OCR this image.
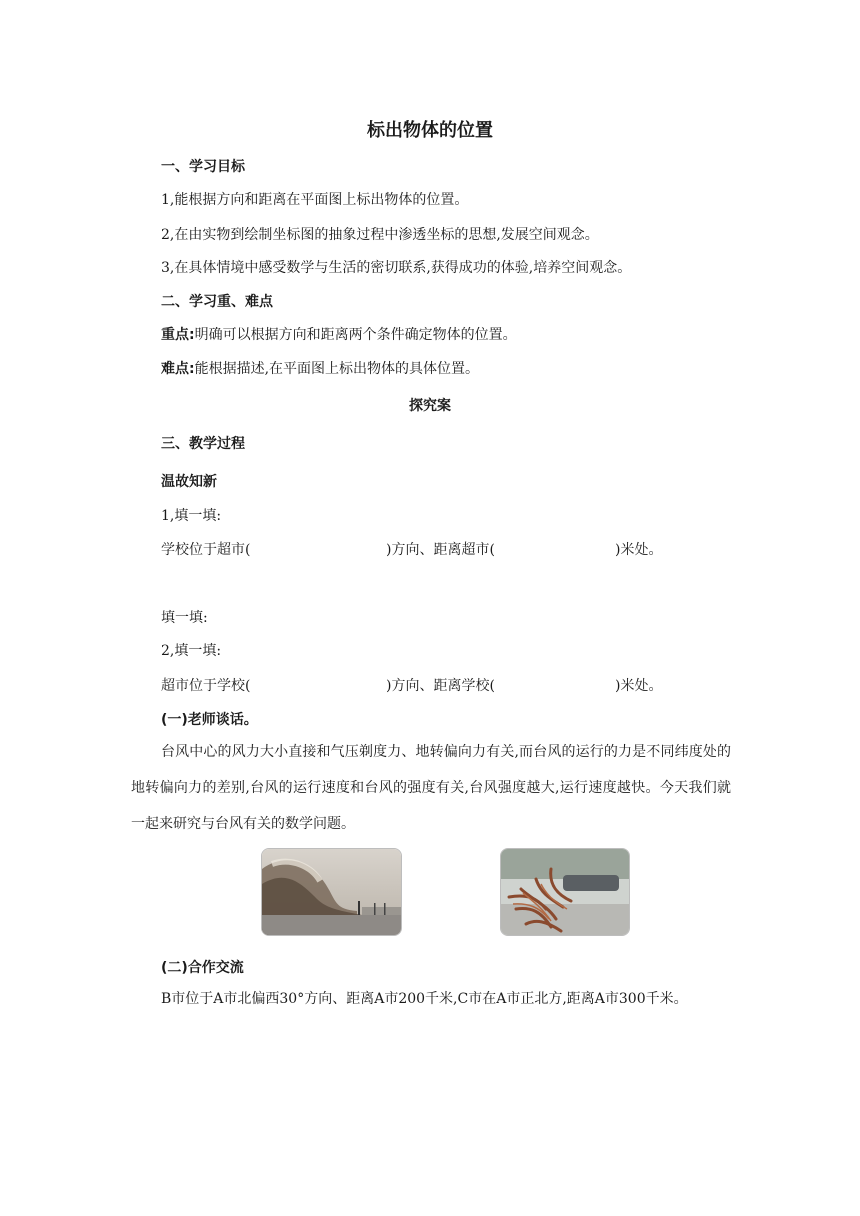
标出物体的位置
一、学习目标
1,能根据方向和距离在平面图上标出物体的位置。
2,在由实物到绘制坐标图的抽象过程中渗透坐标的思想,发展空间观念。
3,在具体情境中感受数学与生活的密切联系,获得成功的体验,培养空间观念。
二、学习重、难点
重点:明确可以根据方向和距离两个条件确定物体的位置。
难点:能根据描述,在平面图上标出物体的具体位置。
探究案
三、教学过程
温故知新
1,填一填:
学校位于超市(	)方向、距离超市(	)米处。
填一填:
2,填一填:
超市位于学校(	)方向、距离学校(	)米处。
(一)老师谈话。
台风中心的风力大小直接和气压剃度力、地转偏向力有关,而台风的运行的力是不同纬度处的地转偏向力的差别,台风的运行速度和台风的强度有关,台风强度越大,运行速度越快。今天我们就一起来研究与台风有关的数学问题。
(二)合作交流
B市位于A市北偏西30°方向、距离A市200千米,C市在A市正北方,距离A市300千米。
